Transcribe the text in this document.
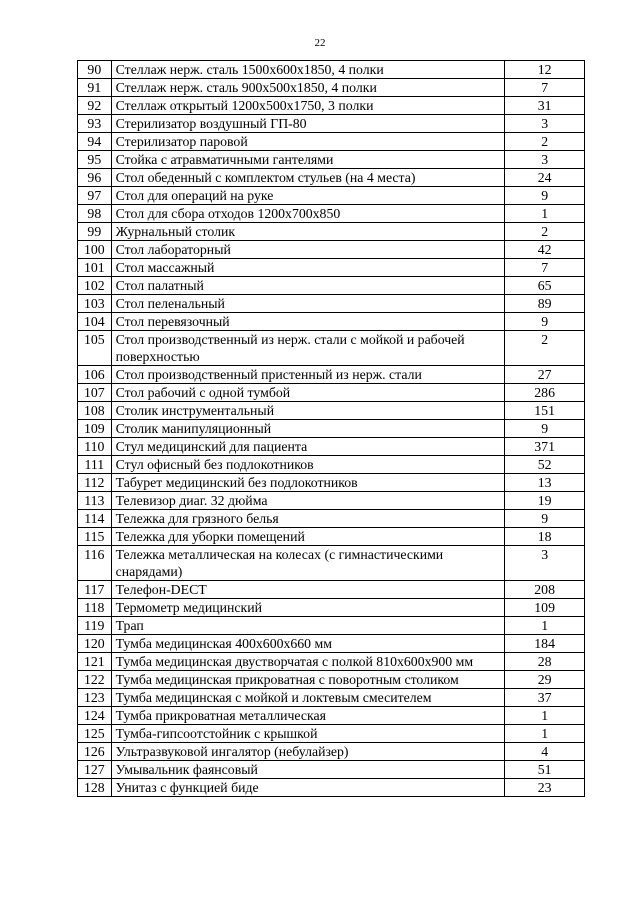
22
90	Стеллаж нерж. сталь 1500х600х1850, 4 полки	12
91	Стеллаж нерж. сталь 900х500х1850, 4 полки	7
92	Стеллаж открытый 1200х500х1750, 3 полки	31
93	Стерилизатор воздушный ГП-80	3
94	Стерилизатор паровой	2
95	Стойка с атравматичными гантелями	3
96	Стол обеденный с комплектом стульев (на 4 места)	24
97	Стол для операций на руке	9
98	Стол для сбора отходов 1200х700х850	1
99	Журнальный столик	2
100	Стол лабораторный	42
101	Стол массажный	7
102	Стол палатный	65
103	Стол пеленальный	89
104	Стол перевязочный	9
105	Стол производственный из нерж. стали с мойкой и рабочей поверхностью	2
106	Стол производственный пристенный из нерж. стали	27
107	Стол рабочий с одной тумбой	286
108	Столик инструментальный	151
109	Столик манипуляционный	9
110	Стул медицинский для пациента	371
111	Стул офисный без подлокотников	52
112	Табурет медицинский без подлокотников	13
113	Телевизор диаг. 32 дюйма	19
114	Тележка для грязного белья	9
115	Тележка для уборки помещений	18
116	Тележка металлическая на колесах (с гимнастическими снарядами)	3
117	Телефон-DECT	208
118	Термометр медицинский	109
119	Трап	1
120	Тумба медицинская 400х600х660 мм	184
121	Тумба медицинская двустворчатая с полкой 810х600х900 мм	28
122	Тумба медицинская прикроватная с поворотным столиком	29
123	Тумба медицинская с мойкой и локтевым смесителем	37
124	Тумба прикроватная металлическая	1
125	Тумба-гипсоотстойник с крышкой	1
126	Ультразвуковой ингалятор (небулайзер)	4
127	Умывальник фаянсовый	51
128	Унитаз с функцией биде	23
